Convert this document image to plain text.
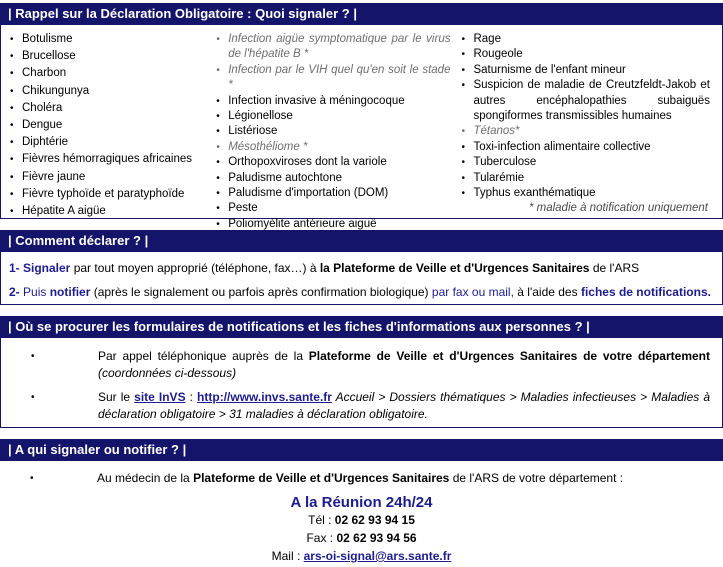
| Rappel sur la Déclaration Obligatoire : Quoi signaler ? |
• Botulisme
• Brucellose
• Charbon
• Chikungunya
• Choléra
• Dengue
• Diphtérie
• Fièvres hémorragiques africaines
• Fièvre jaune
• Fièvre typhoïde et paratyphoïde
• Hépatite A aigüe
• Infection aigüe symptomatique par le virus de l'hépatite B *
• Infection par le VIH quel qu'en soit le stade *
• Infection invasive à méningocoque
• Légionellose
• Listériose
• Mésothéliome *
• Orthopoxviroses dont la variole
• Paludisme autochtone
• Paludisme d'importation (DOM)
• Peste
• Poliomyélite antérieure aiguë
• Rage
• Rougeole
• Saturnisme de l'enfant mineur
• Suspicion de maladie de Creutzfeldt-Jakob et autres encéphalopathies subaiguës spongiformes transmissibles humaines
• Tétanos*
• Toxi-infection alimentaire collective
• Tuberculose
• Tularémie
• Typhus exanthématique
* maladie à notification uniquement
| Comment déclarer ? |

1- Signaler par tout moyen approprié (téléphone, fax…) à la Plateforme de Veille et d'Urgences Sanitaires de l'ARS

2- Puis notifier (après le signalement ou parfois après confirmation biologique) par fax ou mail, à l'aide des fiches de notifications.

| Où se procurer les formulaires de notifications et les fiches d'informations aux personnes ? |
•	Par appel téléphonique auprès de la Plateforme de Veille et d'Urgences Sanitaires de votre département (coordonnées ci-dessous)
•	Sur le site InVS : http://www.invs.sante.fr Accueil > Dossiers thématiques > Maladies infectieuses > Maladies à déclaration obligatoire > 31 maladies à déclaration obligatoire.
| A qui signaler ou notifier ? |
•	Au médecin de la Plateforme de Veille et d'Urgences Sanitaires de l'ARS de votre département :
A la Réunion 24h/24
Tél : 02 62 93 94 15
Fax : 02 62 93 94 56
Mail : ars-oi-signal@ars.sante.fr
